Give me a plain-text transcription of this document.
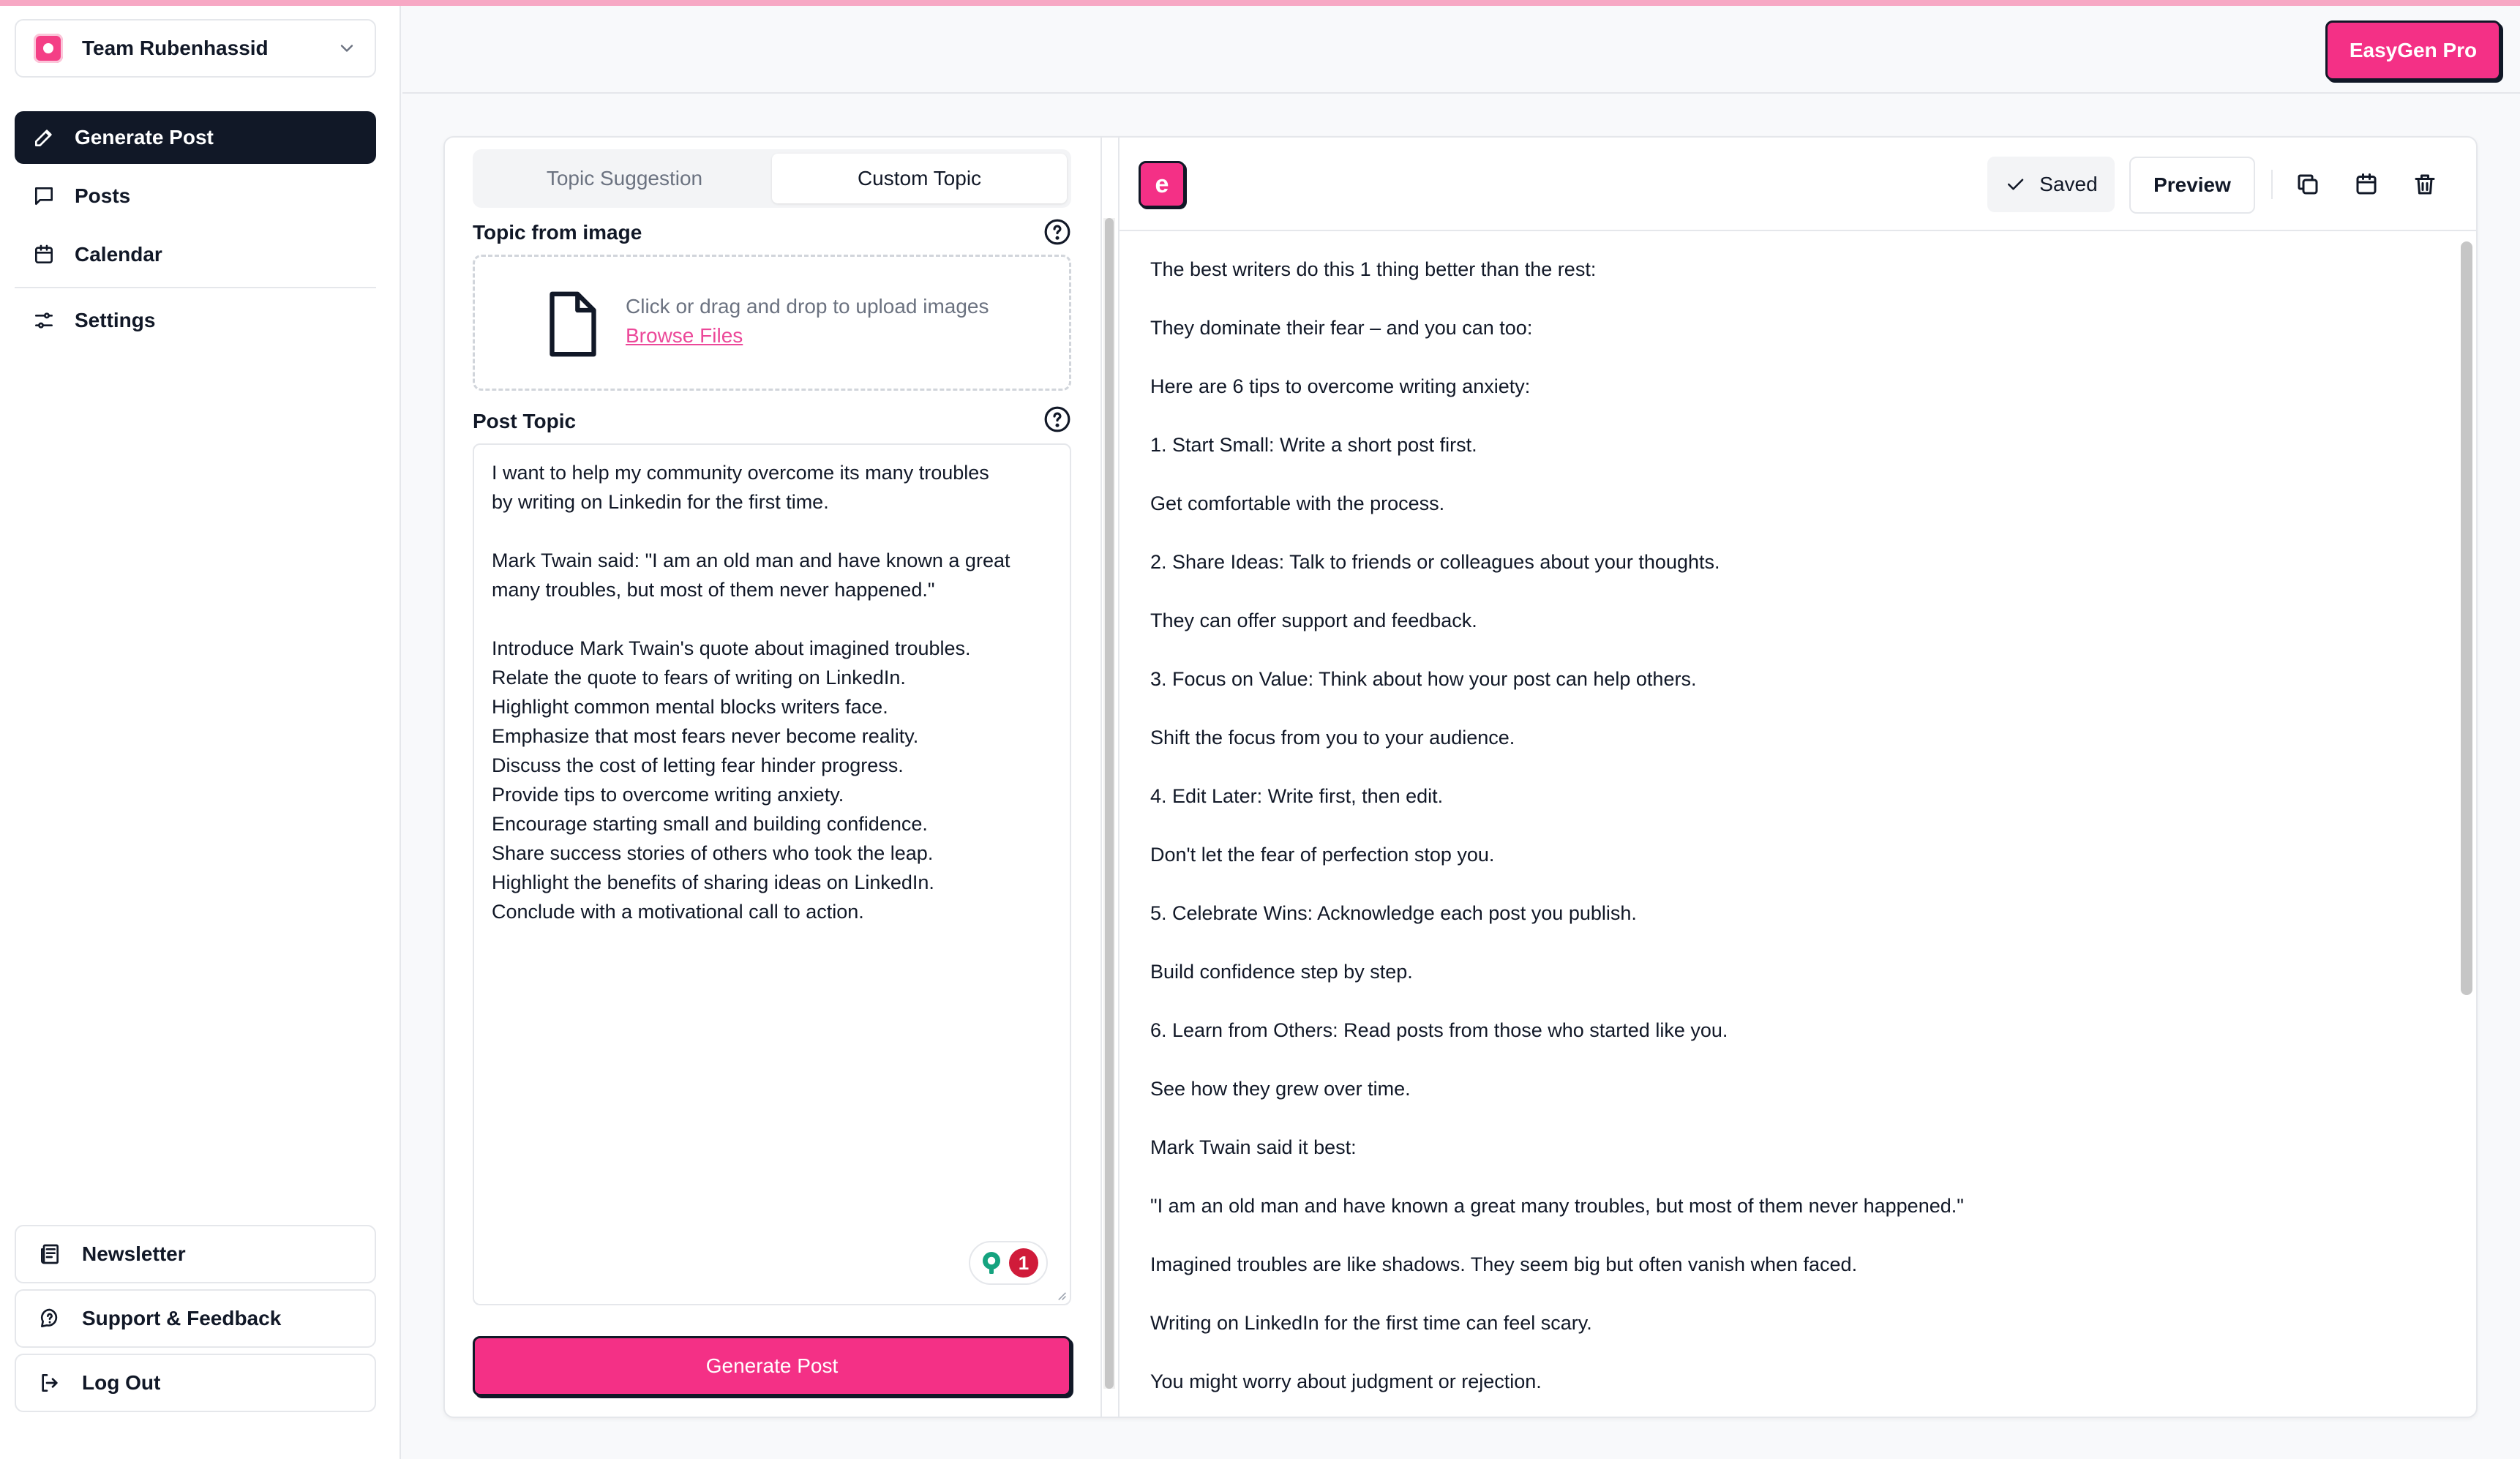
Team Rubenhassid
Generate Post
Posts
Calendar
Settings
Newsletter
Support & Feedback
Log Out
EasyGen Pro
Topic Suggestion	Custom Topic
Topic from image
Click or drag and drop to upload images
Browse Files
Post Topic
I want to help my community overcome its many troubles
by writing on Linkedin for the first time.
Mark Twain said: "I am an old man and have known a great
many troubles, but most of them never happened."
Introduce Mark Twain's quote about imagined troubles.
Relate the quote to fears of writing on LinkedIn.
Highlight common mental blocks writers face.
Emphasize that most fears never become reality.
Discuss the cost of letting fear hinder progress.
Provide tips to overcome writing anxiety.
Encourage starting small and building confidence.
Share success stories of others who took the leap.
Highlight the benefits of sharing ideas on LinkedIn.
Conclude with a motivational call to action.
1
Generate Post
e	Saved	Preview
The best writers do this 1 thing better than the rest:
They dominate their fear – and you can too:
Here are 6 tips to overcome writing anxiety:
1. Start Small: Write a short post first.
Get comfortable with the process.
2. Share Ideas: Talk to friends or colleagues about your thoughts.
They can offer support and feedback.
3. Focus on Value: Think about how your post can help others.
Shift the focus from you to your audience.
4. Edit Later: Write first, then edit.
Don't let the fear of perfection stop you.
5. Celebrate Wins: Acknowledge each post you publish.
Build confidence step by step.
6. Learn from Others: Read posts from those who started like you.
See how they grew over time.
Mark Twain said it best:
"I am an old man and have known a great many troubles, but most of them never happened."
Imagined troubles are like shadows. They seem big but often vanish when faced.
Writing on LinkedIn for the first time can feel scary.
You might worry about judgment or rejection.
